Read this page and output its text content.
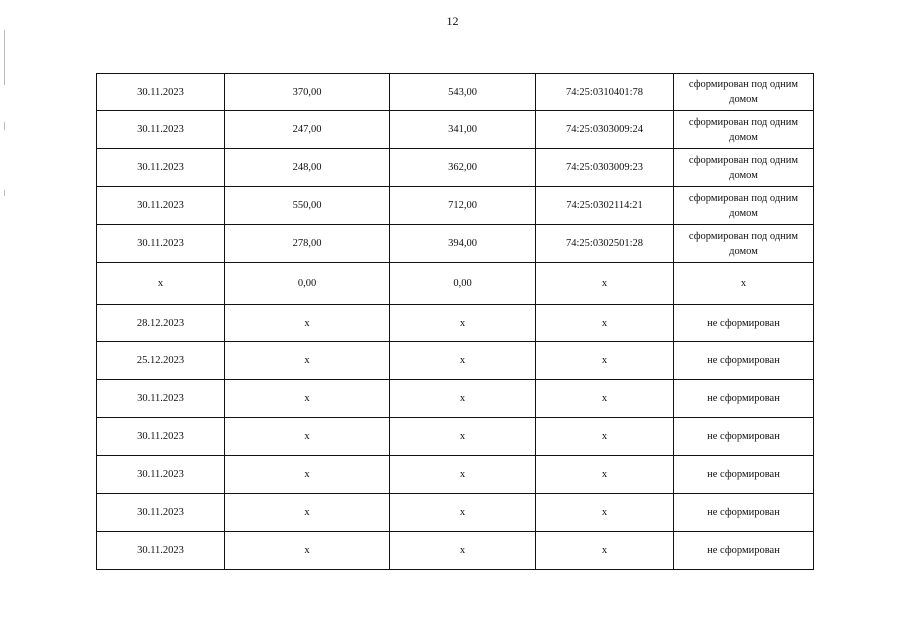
12
30.11.2023	370,00	543,00	74:25:0310401:78	сформирован под одним домом
30.11.2023	247,00	341,00	74:25:0303009:24	сформирован под одним домом
30.11.2023	248,00	362,00	74:25:0303009:23	сформирован под одним домом
30.11.2023	550,00	712,00	74:25:0302114:21	сформирован под одним домом
30.11.2023	278,00	394,00	74:25:0302501:28	сформирован под одним домом
x	0,00	0,00	x	x
28.12.2023	x	x	x	не сформирован
25.12.2023	x	x	x	не сформирован
30.11.2023	x	x	x	не сформирован
30.11.2023	x	x	x	не сформирован
30.11.2023	x	x	x	не сформирован
30.11.2023	x	x	x	не сформирован
30.11.2023	x	x	x	не сформирован
